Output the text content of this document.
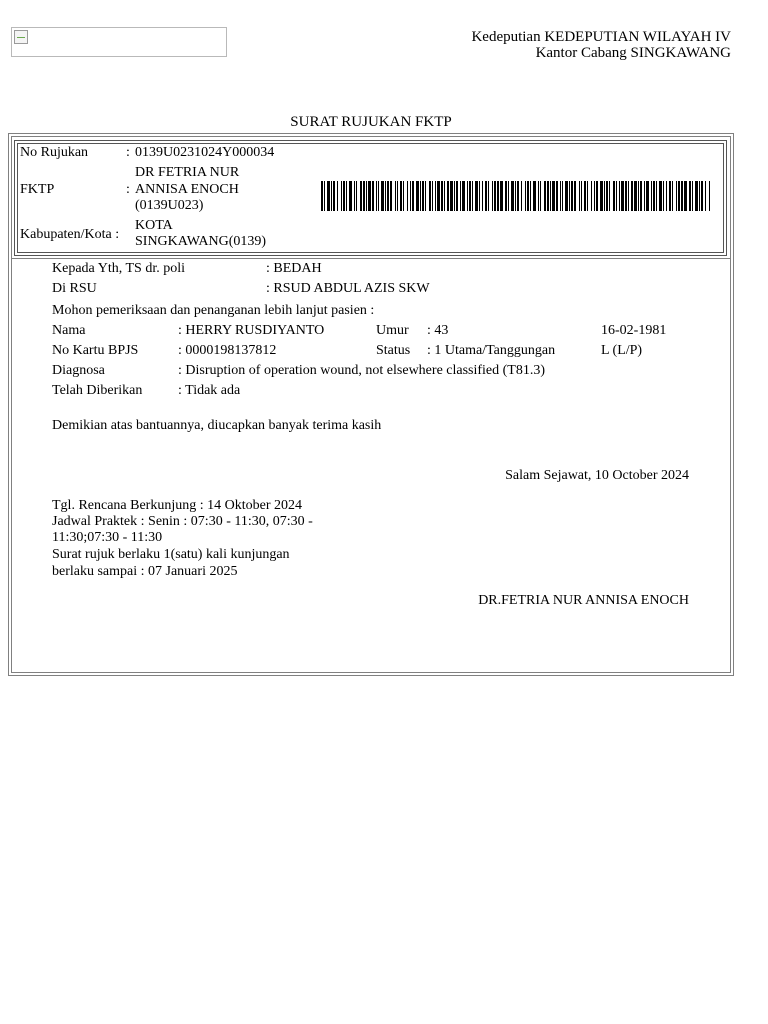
Kedeputian KEDEPUTIAN WILAYAH IV
Kantor Cabang SINGKAWANG
SURAT RUJUKAN FKTP
No Rujukan	: 0139U0231024Y000034
FKTP	:
DR FETRIA NUR
ANNISA ENOCH
(0139U023)
Kabupaten/Kota :
KOTA
SINGKAWANG(0139)
Kepada Yth, TS dr. poli	: BEDAH
Di RSU	: RSUD ABDUL AZIS SKW
Mohon pemeriksaan dan penanganan lebih lanjut pasien :
Nama	: HERRY RUSDIYANTO	Umur : 43	16-02-1981
No Kartu BPJS	: 0000198137812	Status : 1 Utama/Tanggungan	L (L/P)
Diagnosa	: Disruption of operation wound, not elsewhere classified (T81.3)
Telah Diberikan	: Tidak ada
Demikian atas bantuannya, diucapkan banyak terima kasih
Salam Sejawat, 10 October 2024
Tgl. Rencana Berkunjung : 14 Oktober 2024
Jadwal Praktek : Senin : 07:30 - 11:30, 07:30 - 11:30;07:30 - 11:30
Surat rujuk berlaku 1(satu) kali kunjungan
berlaku sampai : 07 Januari 2025
DR.FETRIA NUR ANNISA ENOCH
